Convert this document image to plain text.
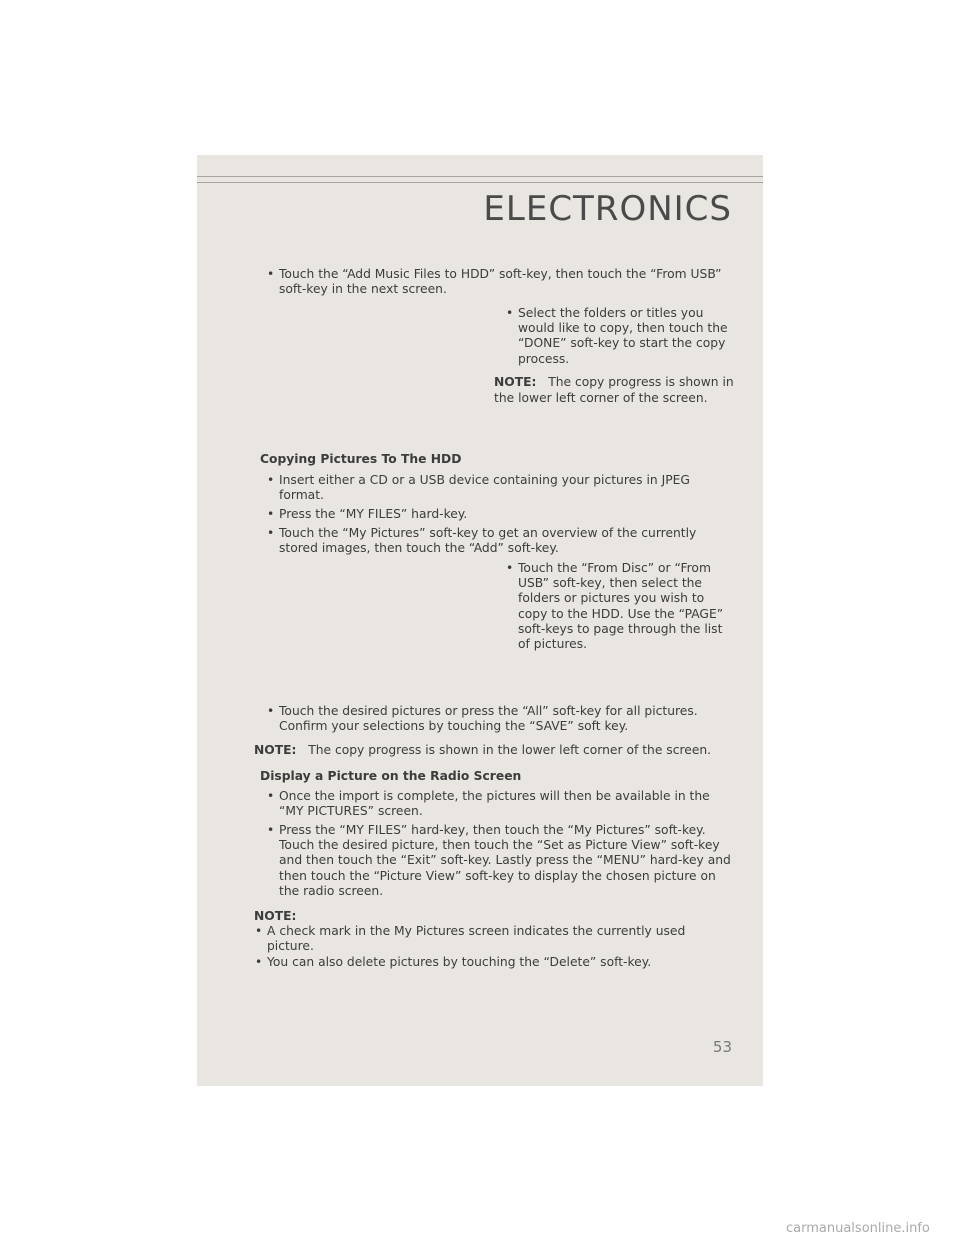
ELECTRONICS
• Touch the “Add Music Files to HDD” soft-key, then touch the “From USB” soft-key in the next screen.
• Select the folders or titles you would like to copy, then touch the “DONE” soft-key to start the copy process.
NOTE: The copy progress is shown in the lower left corner of the screen.
Copying Pictures To The HDD
• Insert either a CD or a USB device containing your pictures in JPEG format.
• Press the “MY FILES” hard-key.
• Touch the “My Pictures” soft-key to get an overview of the currently stored images, then touch the “Add” soft-key.
• Touch the “From Disc” or “From USB” soft-key, then select the folders or pictures you wish to copy to the HDD. Use the “PAGE” soft-keys to page through the list of pictures.
• Touch the desired pictures or press the “All” soft-key for all pictures. Confirm your selections by touching the “SAVE” soft key.
NOTE: The copy progress is shown in the lower left corner of the screen.
Display a Picture on the Radio Screen
• Once the import is complete, the pictures will then be available in the “MY PICTURES” screen.
• Press the “MY FILES” hard-key, then touch the “My Pictures” soft-key. Touch the desired picture, then touch the “Set as Picture View” soft-key and then touch the “Exit” soft-key. Lastly press the “MENU” hard-key and then touch the “Picture View” soft-key to display the chosen picture on the radio screen.
NOTE:
• A check mark in the My Pictures screen indicates the currently used picture.
• You can also delete pictures by touching the “Delete” soft-key.
53
carmanualsonline.info
